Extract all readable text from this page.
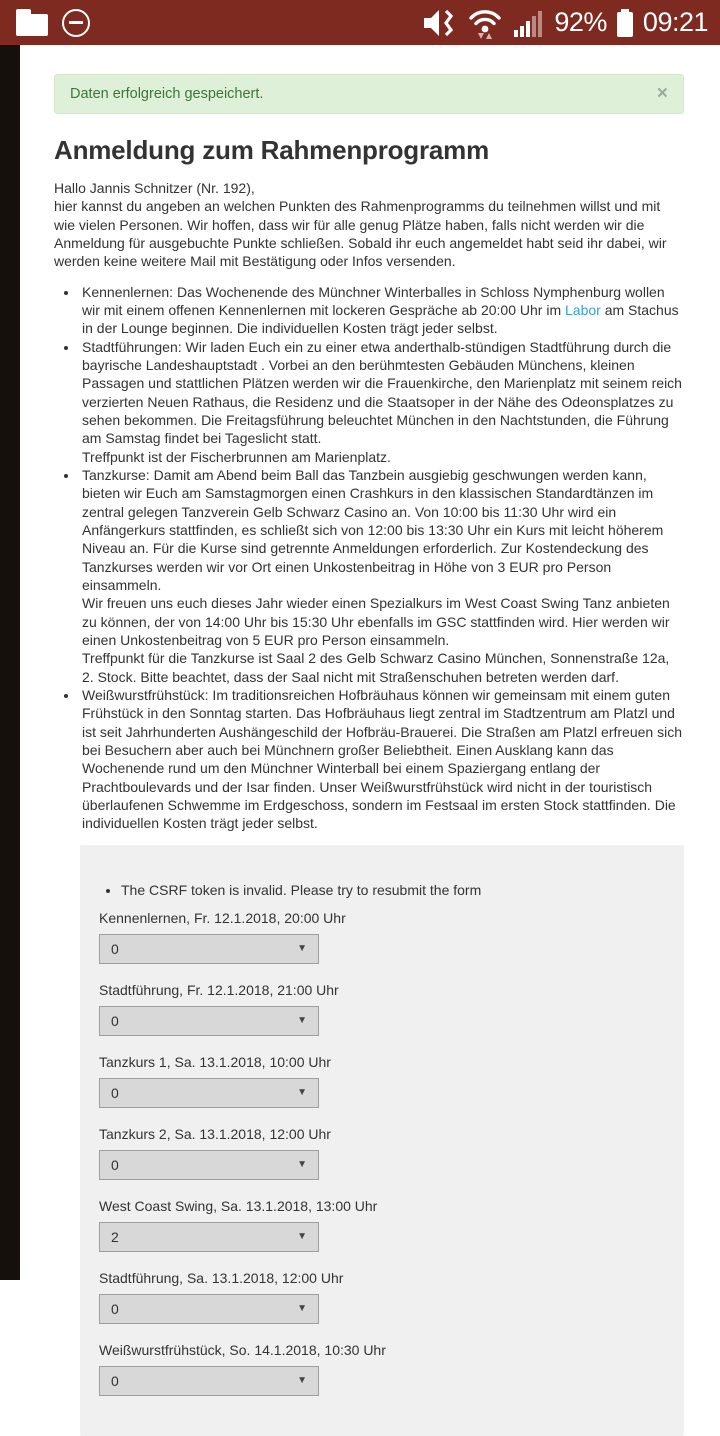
92% 09:21
Daten erfolgreich gespeichert.	×
Anmeldung zum Rahmenprogramm

Hallo Jannis Schnitzer (Nr. 192),
hier kannst du angeben an welchen Punkten des Rahmenprogramms du teilnehmen willst und mit wie vielen Personen. Wir hoffen, dass wir für alle genug Plätze haben, falls nicht werden wir die Anmeldung für ausgebuchte Punkte schließen. Sobald ihr euch angemeldet habt seid ihr dabei, wir werden keine weitere Mail mit Bestätigung oder Infos versenden.

• Kennenlernen: Das Wochenende des Münchner Winterballes in Schloss Nymphenburg wollen wir mit einem offenen Kennenlernen mit lockeren Gespräche ab 20:00 Uhr im Labor am Stachus in der Lounge beginnen. Die individuellen Kosten trägt jeder selbst.
• Stadtführungen: Wir laden Euch ein zu einer etwa anderthalb-stündigen Stadtführung durch die bayrische Landeshauptstadt . Vorbei an den berühmtesten Gebäuden Münchens, kleinen Passagen und stattlichen Plätzen werden wir die Frauenkirche, den Marienplatz mit seinem reich verzierten Neuen Rathaus, die Residenz und die Staatsoper in der Nähe des Odeonsplatzes zu sehen bekommen. Die Freitagsführung beleuchtet München in den Nachtstunden, die Führung am Samstag findet bei Tageslicht statt.
Treffpunkt ist der Fischerbrunnen am Marienplatz.
• Tanzkurse: Damit am Abend beim Ball das Tanzbein ausgiebig geschwungen werden kann, bieten wir Euch am Samstagmorgen einen Crashkurs in den klassischen Standardtänzen im zentral gelegen Tanzverein Gelb Schwarz Casino an. Von 10:00 bis 11:30 Uhr wird ein Anfängerkurs stattfinden, es schließt sich von 12:00 bis 13:30 Uhr ein Kurs mit leicht höherem Niveau an. Für die Kurse sind getrennte Anmeldungen erforderlich. Zur Kostendeckung des Tanzkurses werden wir vor Ort einen Unkostenbeitrag in Höhe von 3 EUR pro Person einsammeln.
Wir freuen uns euch dieses Jahr wieder einen Spezialkurs im West Coast Swing Tanz anbieten zu können, der von 14:00 Uhr bis 15:30 Uhr ebenfalls im GSC stattfinden wird. Hier werden wir einen Unkostenbeitrag von 5 EUR pro Person einsammeln.
Treffpunkt für die Tanzkurse ist Saal 2 des Gelb Schwarz Casino München, Sonnenstraße 12a, 2. Stock. Bitte beachtet, dass der Saal nicht mit Straßenschuhen betreten werden darf.
• Weißwurstfrühstück: Im traditionsreichen Hofbräuhaus können wir gemeinsam mit einem guten Frühstück in den Sonntag starten. Das Hofbräuhaus liegt zentral im Stadtzentrum am Platzl und ist seit Jahrhunderten Aushängeschild der Hofbräu-Brauerei. Die Straßen am Platzl erfreuen sich bei Besuchern aber auch bei Münchnern großer Beliebtheit. Einen Ausklang kann das Wochenende rund um den Münchner Winterball bei einem Spaziergang entlang der Prachtboulevards und der Isar finden. Unser Weißwurstfrühstück wird nicht in der touristisch überlaufenen Schwemme im Erdgeschoss, sondern im Festsaal im ersten Stock stattfinden. Die individuellen Kosten trägt jeder selbst.
• The CSRF token is invalid. Please try to resubmit the form
Kennenlernen, Fr. 12.1.2018, 20:00 Uhr
0	▼
Stadtführung, Fr. 12.1.2018, 21:00 Uhr
0	▼
Tanzkurs 1, Sa. 13.1.2018, 10:00 Uhr
0	▼
Tanzkurs 2, Sa. 13.1.2018, 12:00 Uhr
0	▼
West Coast Swing, Sa. 13.1.2018, 13:00 Uhr
2	▼
Stadtführung, Sa. 13.1.2018, 12:00 Uhr
0	▼
Weißwurstfrühstück, So. 14.1.2018, 10:30 Uhr
0	▼
